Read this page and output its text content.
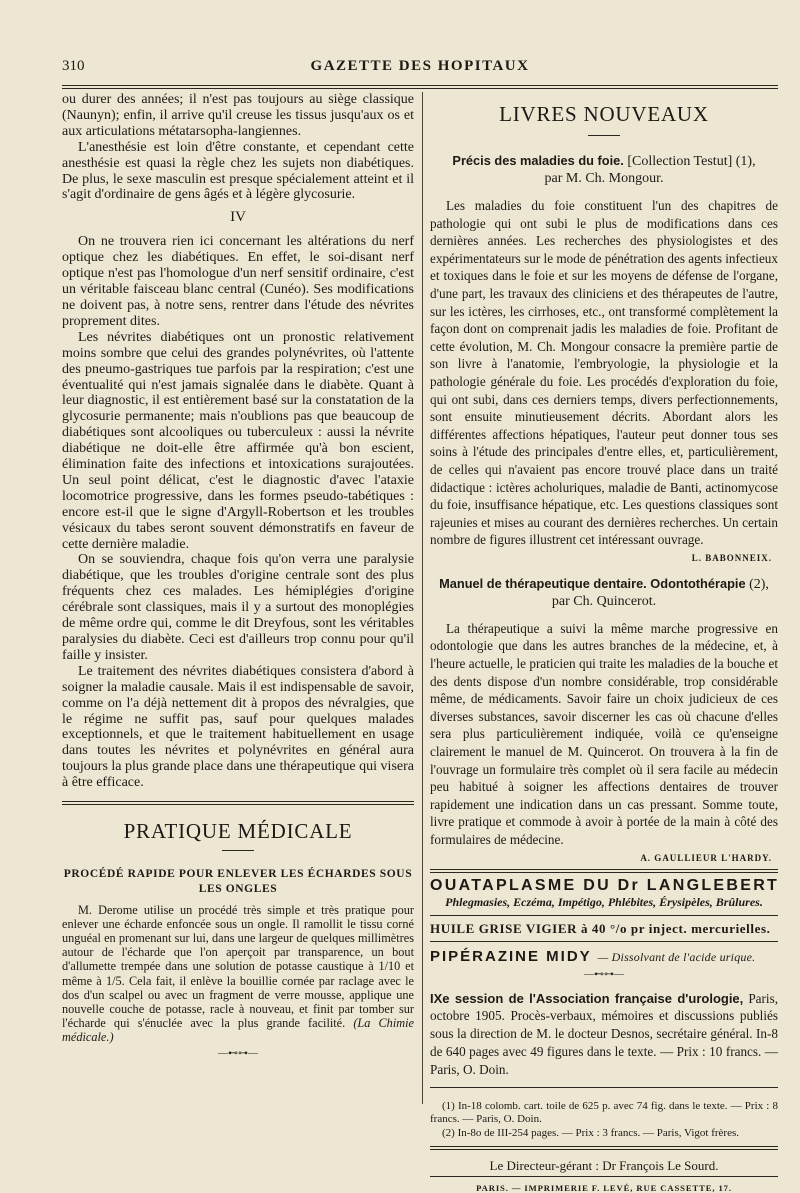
310	GAZETTE DES HOPITAUX

ou durer des années; il n'est pas toujours au siège classique (Naunyn); enfin, il arrive qu'il creuse les tissus jusqu'aux os et aux articulations métatarsopha-langiennes.

L'anesthésie est loin d'être constante, et cependant cette anesthésie est quasi la règle chez les sujets non diabétiques. De plus, le sexe masculin est presque spécialement atteint et il s'agit d'ordinaire de gens âgés et à légère glycosurie.

IV

On ne trouvera rien ici concernant les altérations du nerf optique chez les diabétiques. En effet, le soi-disant nerf optique n'est pas l'homologue d'un nerf sensitif ordinaire, c'est un véritable faisceau blanc central (Cunéo). Ses modifications ne doivent pas, à notre sens, rentrer dans l'étude des névrites proprement dites.

Les névrites diabétiques ont un pronostic relativement moins sombre que celui des grandes polynévrites, où l'attente des pneumo-gastriques tue parfois par la respiration; c'est une éventualité qui n'est jamais signalée dans le diabète. Quant à leur diagnostic, il est entièrement basé sur la constatation de la glycosurie permanente; mais n'oublions pas que beaucoup de diabétiques sont alcooliques ou tuberculeux : aussi la névrite diabétique ne doit-elle être affirmée qu'à bon escient, élimination faite des infections et intoxications surajoutées. Un seul point délicat, c'est le diagnostic d'avec l'ataxie locomotrice progressive, dans les formes pseudo-tabétiques : encore est-il que le signe d'Argyll-Robertson et les troubles vésicaux du tabes seront souvent démonstratifs en faveur de cette dernière maladie.

On se souviendra, chaque fois qu'on verra une paralysie diabétique, que les troubles d'origine centrale sont des plus fréquents chez ces malades. Les hémiplégies d'origine cérébrale sont classiques, mais il y a surtout des monoplégies de même ordre qui, comme le dit Dreyfous, sont les véritables paralysies du diabète. Ceci est d'ailleurs trop connu pour qu'il faille y insister.

Le traitement des névrites diabétiques consistera d'abord à soigner la maladie causale. Mais il est indispensable de savoir, comme on l'a déjà nettement dit à propos des névralgies, que le régime ne suffit pas, sauf pour quelques malades exceptionnels, et que le traitement habituellement en usage dans toutes les névrites et polynévrites en général aura toujours la plus grande place dans une thérapeutique qui visera à être efficace.

PRATIQUE MÉDICALE
PROCÉDÉ RAPIDE POUR ENLEVER LES ÉCHARDES SOUS LES ONGLES

M. Derome utilise un procédé très simple et très pratique pour enlever une écharde enfoncée sous un ongle. Il ramollit le tissu corné unguéal en promenant sur lui, dans une largeur de quelques millimètres autour de l'écharde que l'on aperçoit par transparence, un bout d'allumette trempée dans une solution de potasse caustique à 1/10 et même à 1/5. Cela fait, il enlève la bouillie cornée par raclage avec le dos d'un scalpel ou avec un fragment de verre mousse, applique une nouvelle couche de potasse, racle à nouveau, et finit par tomber sur l'écharde qui s'énuclée avec la plus grande facilité. (La Chimie médicale.)

—⊷⊶—
LIVRES NOUVEAUX
Précis des maladies du foie. [Collection Testut] (1),
par M. Ch. Mongour.

Les maladies du foie constituent l'un des chapitres de pathologie qui ont subi le plus de modifications dans ces dernières années. Les recherches des physiologistes et des expérimentateurs sur le mode de pénétration des agents infectieux et toxiques dans le foie et sur les moyens de défense de l'organe, d'une part, les travaux des cliniciens et des thérapeutes de l'autre, sur les ictères, les cirrhoses, etc., ont transformé complètement la façon dont on comprenait jadis les maladies de foie. Profitant de cette évolution, M. Ch. Mongour consacre la première partie de son livre à l'anatomie, l'embryologie, la physiologie et la pathologie générale du foie. Les procédés d'exploration du foie, qui ont subi, dans ces derniers temps, divers perfectionnements, sont ensuite minutieusement décrits. Abordant alors les différentes affections hépatiques, l'auteur peut donner tous ses soins à l'étude des principales d'entre elles, et, particulièrement, de celles qui n'avaient pas encore trouvé place dans un traité didactique : ictères acholuriques, maladie de Banti, actinomycose du foie, insuffisance hépatique, etc. Les questions classiques sont rajeunies et mises au courant des dernières recherches. Un certain nombre de figures illustrent cet intéressant ouvrage.

L. BABONNEIX.
Manuel de thérapeutique dentaire. Odontothérapie (2),
par Ch. Quincerot.

La thérapeutique a suivi la même marche progressive en odontologie que dans les autres branches de la médecine, et, à l'heure actuelle, le praticien qui traite les maladies de la bouche et des dents dispose d'un nombre considérable, trop considérable même, de médicaments. Savoir faire un choix judicieux de ces diverses substances, savoir discerner les cas où chacune d'elles sera plus particulièrement indiquée, voilà ce qu'enseigne clairement le manuel de M. Quincerot. On trouvera à la fin de l'ouvrage un formulaire très complet où il sera facile au médecin peu habitué à soigner les affections dentaires de trouver rapidement une indication dans un cas pressant. Somme toute, livre pratique et commode à avoir à portée de la main à côté des formulaires de médecine.

A. GAULLIEUR L'HARDY.
OUATAPLASME DU Dr LANGLEBERT
Phlegmasies, Eczéma, Impétigo, Phlébites, Érysipèles, Brûlures.
HUILE GRISE VIGIER à 40 °/o pr inject. mercurielles.
PIPÉRAZINE MIDY — Dissolvant de l'acide urique.
—⊷⊶—

IXe session de l'Association française d'urologie, Paris, octobre 1905. Procès-verbaux, mémoires et discussions publiés sous la direction de M. le docteur Desnos, secrétaire général. In-8 de 640 pages avec 49 figures dans le texte. — Prix : 10 francs. — Paris, O. Doin.

(1) In-18 colomb. cart. toile de 625 p. avec 74 fig. dans le texte. — Prix : 8 francs. — Paris, O. Doin.

(2) In-8o de III-254 pages. — Prix : 3 francs. — Paris, Vigot frères.

Le Directeur-gérant : Dr François Le Sourd.
PARIS. — IMPRIMERIE F. LEVÉ, RUE CASSETTE, 17.
